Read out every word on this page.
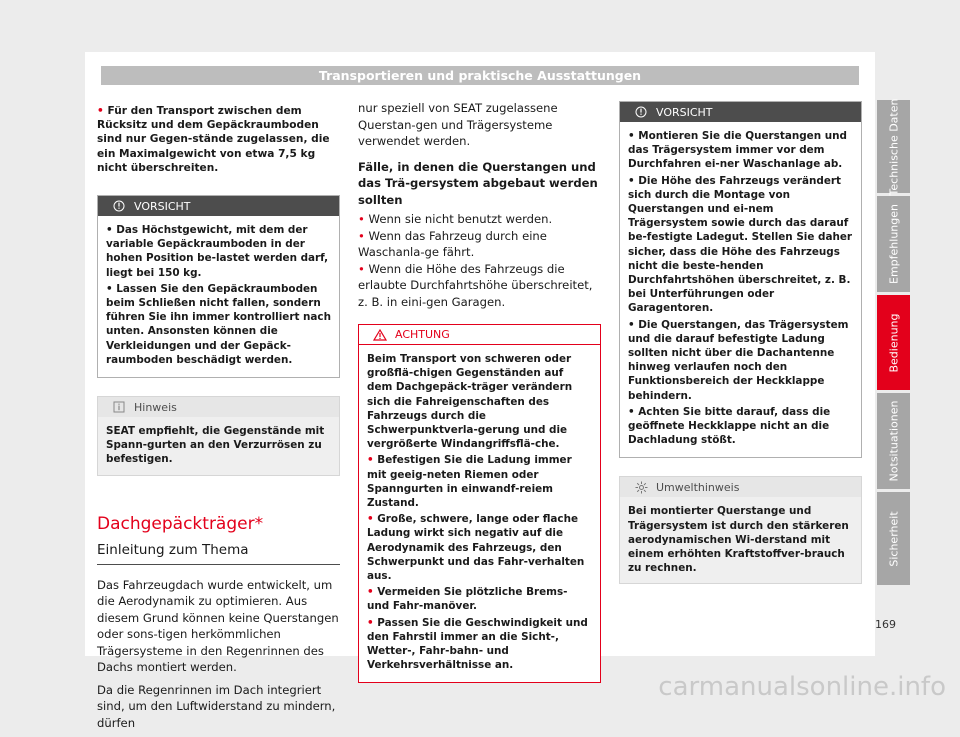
Transportieren und praktische Ausstattungen
• Für den Transport zwischen dem Rücksitz und dem Gepäckraumboden sind nur Gegen-stände zugelassen, die ein Maximalgewicht von etwa 7,5 kg nicht überschreiten.
VORSICHT
• Das Höchstgewicht, mit dem der variable Gepäckraumboden in der hohen Position be-lastet werden darf, liegt bei 150 kg.
• Lassen Sie den Gepäckraumboden beim Schließen nicht fallen, sondern führen Sie ihn immer kontrolliert nach unten. Ansonsten können die Verkleidungen und der Gepäck-raumboden beschädigt werden.
Hinweis
SEAT empfiehlt, die Gegenstände mit Spann-gurten an den Verzurrösen zu befestigen.
Dachgepäckträger*
Einleitung zum Thema

Das Fahrzeugdach wurde entwickelt, um die Aerodynamik zu optimieren. Aus diesem Grund können keine Querstangen oder sons-tigen herkömmlichen Trägersysteme in den Regenrinnen des Dachs montiert werden.

Da die Regenrinnen im Dach integriert sind, um den Luftwiderstand zu mindern, dürfen

nur speziell von SEAT zugelassene Querstan-gen und Trägersysteme verwendet werden.
Fälle, in denen die Querstangen und das Trä-gersystem abgebaut werden sollten
• Wenn sie nicht benutzt werden.
• Wenn das Fahrzeug durch eine Waschanla-ge fährt.
• Wenn die Höhe des Fahrzeugs die erlaubte Durchfahrtshöhe überschreitet, z. B. in eini-gen Garagen.
ACHTUNG
Beim Transport von schweren oder großflä-chigen Gegenständen auf dem Dachgepäck-träger verändern sich die Fahreigenschaften des Fahrzeugs durch die Schwerpunktverla-gerung und die vergrößerte Windangriffsflä-che.
• Befestigen Sie die Ladung immer mit geeig-neten Riemen oder Spanngurten in einwandf-reiem Zustand.
• Große, schwere, lange oder flache Ladung wirkt sich negativ auf die Aerodynamik des Fahrzeugs, den Schwerpunkt und das Fahr-verhalten aus.
• Vermeiden Sie plötzliche Brems- und Fahr-manöver.
• Passen Sie die Geschwindigkeit und den Fahrstil immer an die Sicht-, Wetter-, Fahr-bahn- und Verkehrsverhältnisse an.
VORSICHT
• Montieren Sie die Querstangen und das Trägersystem immer vor dem Durchfahren ei-ner Waschanlage ab.
• Die Höhe des Fahrzeugs verändert sich durch die Montage von Querstangen und ei-nem Trägersystem sowie durch das darauf be-festigte Ladegut. Stellen Sie daher sicher, dass die Höhe des Fahrzeugs nicht die beste-henden Durchfahrtshöhen überschreitet, z. B. bei Unterführungen oder Garagentoren.
• Die Querstangen, das Trägersystem und die darauf befestigte Ladung sollten nicht über die Dachantenne hinweg verlaufen noch den Funktionsbereich der Heckklappe behindern.
• Achten Sie bitte darauf, dass die geöffnete Heckklappe nicht an die Dachladung stößt.
Umwelthinweis
Bei montierter Querstange und Trägersystem ist durch den stärkeren aerodynamischen Wi-derstand mit einem erhöhten Kraftstoffver-brauch zu rechnen.
Technische Daten
Empfehlungen
Bedienung
Notsituationen
Sicherheit
169
carmanualsonline.info
